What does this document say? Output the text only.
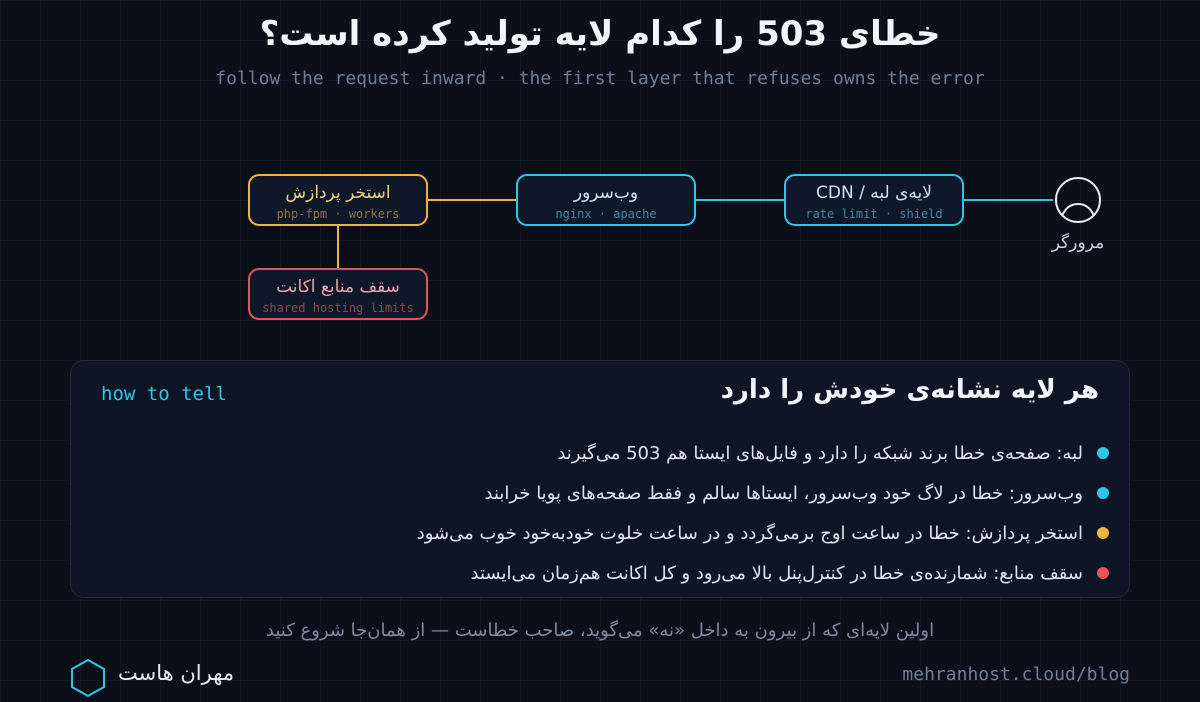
خطای 503 را کدام لایه تولید کرده است؟
follow the request inward · the first layer that refuses owns the error
مرورگر
لایه‌ی لبه / CDN
rate limit · shield
وب‌سرور
nginx · apache
استخر پردازش
php-fpm · workers
سقف منابع اکانت
shared hosting limits
هر لایه نشانه‌ی خودش را دارد
how to tell
لبه: صفحه‌ی خطا برند شبکه را دارد و فایل‌های ایستا هم 503 می‌گیرند
وب‌سرور: خطا در لاگ خود وب‌سرور، ایستاها سالم و فقط صفحه‌های پویا خرابند
استخر پردازش: خطا در ساعت اوج برمی‌گردد و در ساعت خلوت خودبه‌خود خوب می‌شود
سقف منابع: شمارنده‌ی خطا در کنترل‌پنل بالا می‌رود و کل اکانت هم‌زمان می‌ایستد
اولین لایه‌ای که از بیرون به داخل «نه» می‌گوید، صاحب خطاست — از همان‌جا شروع کنید
مهران هاست	mehranhost.cloud/blog
